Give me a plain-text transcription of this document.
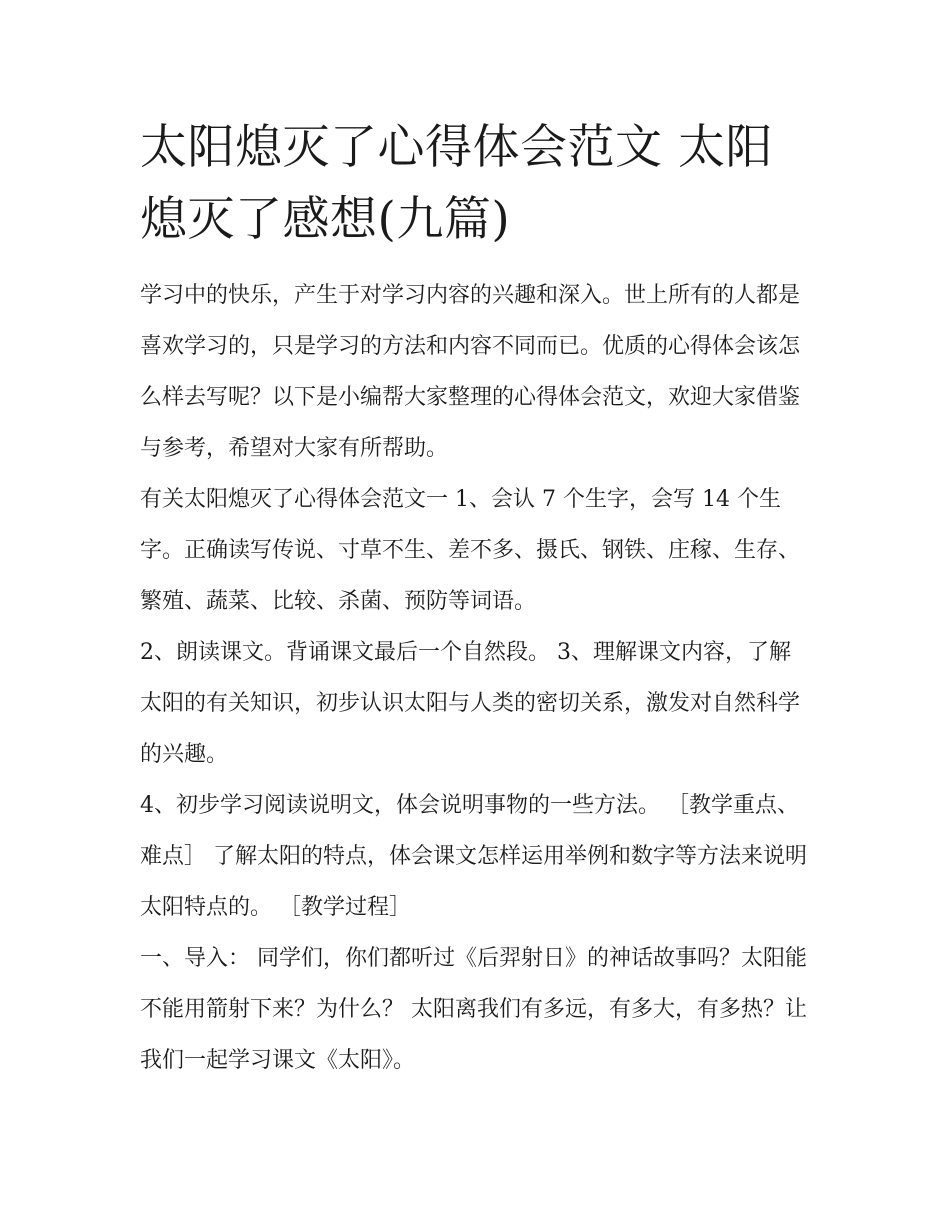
太阳熄灭了心得体会范文 太阳熄灭了感想(九篇)

学习中的快乐，产生于对学习内容的兴趣和深入。世上所有的人都是喜欢学习的，只是学习的方法和内容不同而已。优质的心得体会该怎么样去写呢？以下是小编帮大家整理的心得体会范文，欢迎大家借鉴与参考，希望对大家有所帮助。

有关太阳熄灭了心得体会范文一 1、会认 7 个生字，会写 14 个生字。正确读写传说、寸草不生、差不多、摄氏、钢铁、庄稼、生存、繁殖、蔬菜、比较、杀菌、预防等词语。

2、朗读课文。背诵课文最后一个自然段。 3、理解课文内容，了解太阳的有关知识，初步认识太阳与人类的密切关系，激发对自然科学的兴趣。

4、初步学习阅读说明文，体会说明事物的一些方法。 ［教学重点、难点］ 了解太阳的特点，体会课文怎样运用举例和数字等方法来说明太阳特点的。 ［教学过程］

一、导入： 同学们，你们都听过《后羿射日》的神话故事吗？太阳能不能用箭射下来？为什么？ 太阳离我们有多远，有多大，有多热？让我们一起学习课文《太阳》。
